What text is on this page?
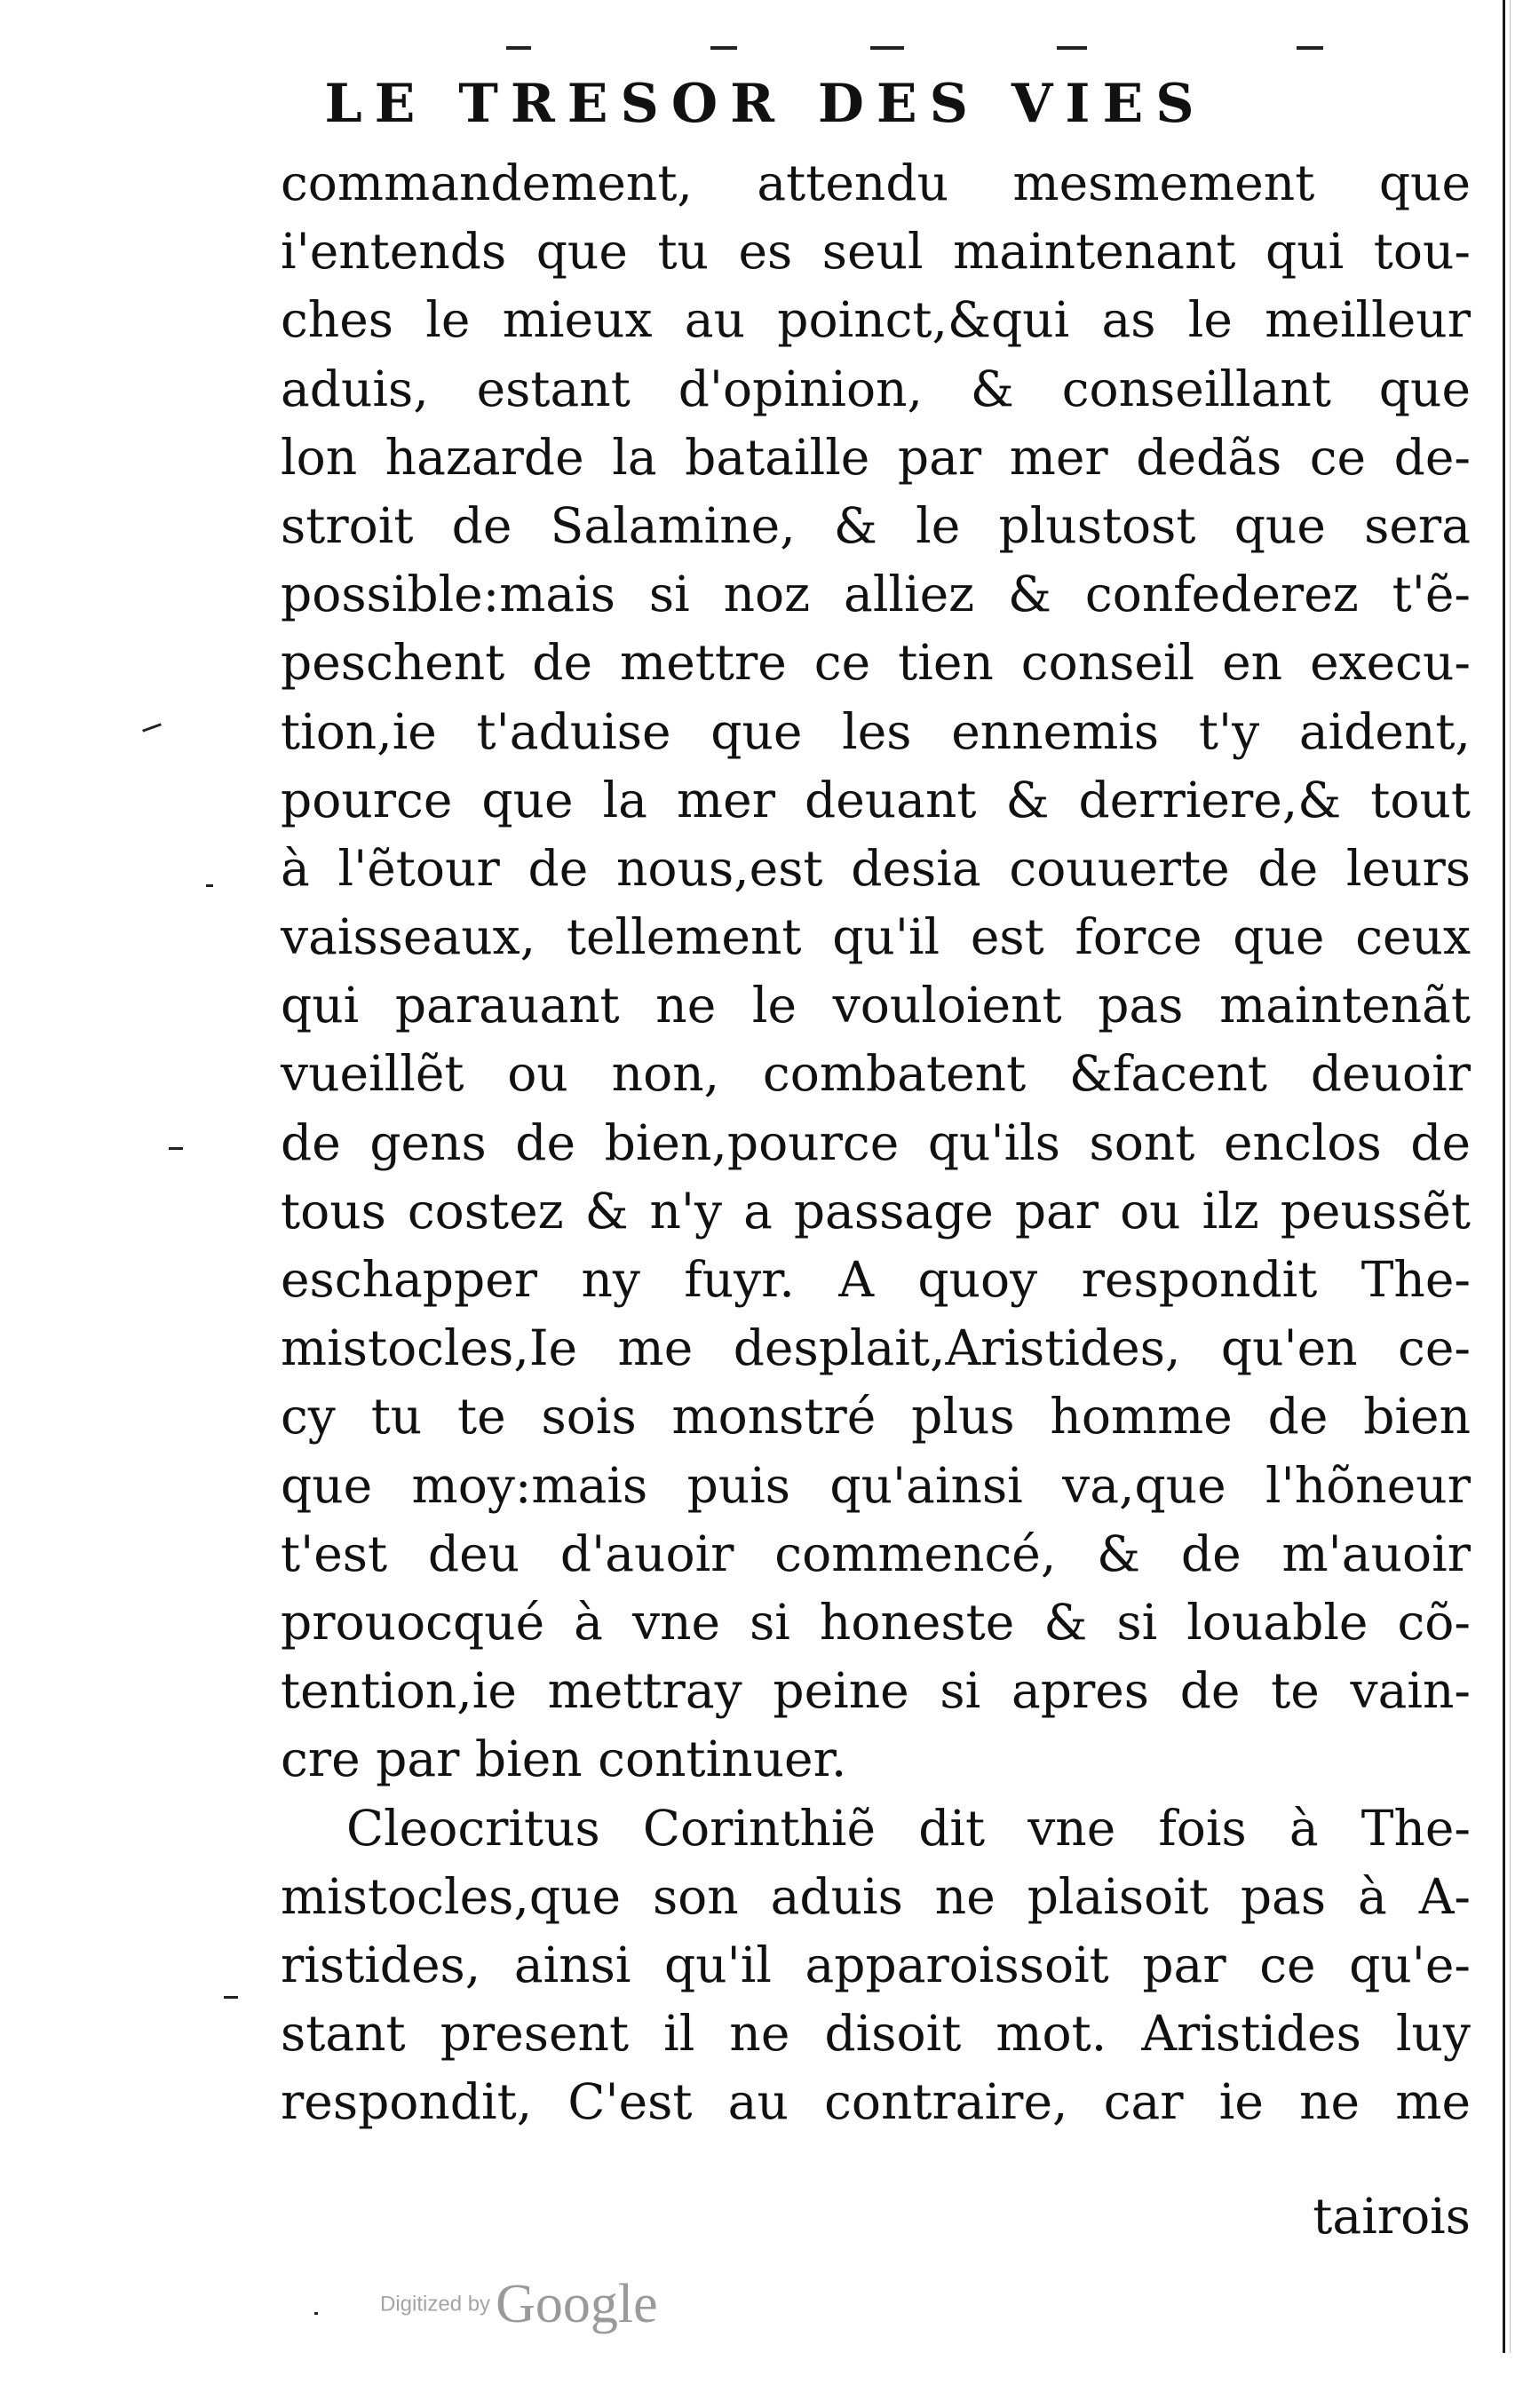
LE TRESOR DES VIES
commandement, attendu mesmement que
i'entends que tu es seul maintenant qui tou-
ches le mieux au poinct,&qui as le meilleur
aduis, estant d'opinion, & conseillant que
lon hazarde la bataille par mer dedãs ce de-
stroit de Salamine, & le plustost que sera
possible:mais si noz alliez & confederez t'ẽ-
peschent de mettre ce tien conseil en execu-
tion,ie t'aduise que les ennemis t'y aident,
pource que la mer deuant & derriere,& tout
à l'ẽtour de nous,est desia couuerte de leurs
vaisseaux, tellement qu'il est force que ceux
qui parauant ne le vouloient pas maintenãt
vueillẽt ou non, combatent &facent deuoir
de gens de bien,pource qu'ils sont enclos de
tous costez & n'y a passage par ou ilz peussẽt
eschapper ny fuyr. A quoy respondit The-
mistocles,Ie me desplait,Aristides, qu'en ce-
cy tu te sois monstré plus homme de bien
que moy:mais puis qu'ainsi va,que l'hõneur
t'est deu d'auoir commencé, & de m'auoir
prouocqué à vne si honeste & si louable cõ-
tention,ie mettray peine si apres de te vain-
cre par bien continuer.
Cleocritus Corinthiẽ dit vne fois à The-
mistocles,que son aduis ne plaisoit pas à A-
ristides, ainsi qu'il apparoissoit par ce qu'e-
stant present il ne disoit mot. Aristides luy
respondit, C'est au contraire, car ie ne me
tairois
Digitized byGoogle
